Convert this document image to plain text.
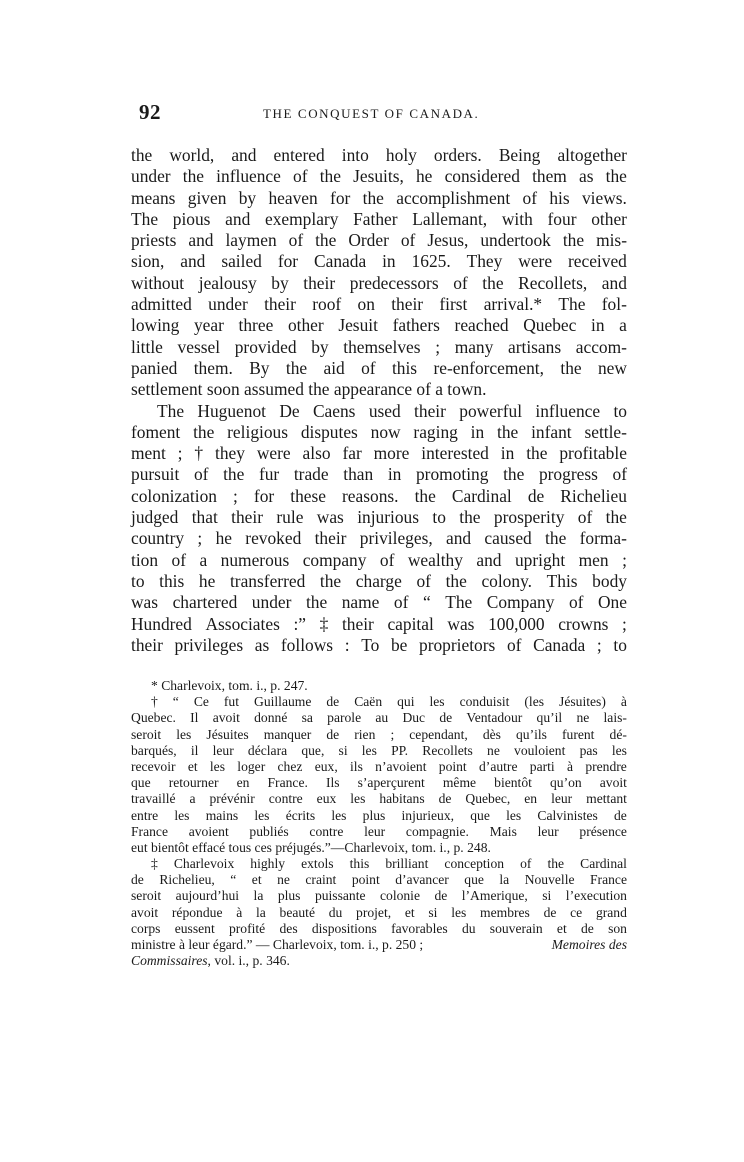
92	THE CONQUEST OF CANADA.
the world, and entered into holy orders. Being altogether
under the influence of the Jesuits, he considered them as the
means given by heaven for the accomplishment of his views.
The pious and exemplary Father Lallemant, with four other
priests and laymen of the Order of Jesus, undertook the mis-
sion, and sailed for Canada in 1625. They were received
without jealousy by their predecessors of the Recollets, and
admitted under their roof on their first arrival.* The fol-
lowing year three other Jesuit fathers reached Quebec in a
little vessel provided by themselves ; many artisans accom-
panied them. By the aid of this re-enforcement, the new
settlement soon assumed the appearance of a town.
The Huguenot De Caens used their powerful influence to
foment the religious disputes now raging in the infant settle-
ment ; † they were also far more interested in the profitable
pursuit of the fur trade than in promoting the progress of
colonization ; for these reasons. the Cardinal de Richelieu
judged that their rule was injurious to the prosperity of the
country ; he revoked their privileges, and caused the forma-
tion of a numerous company of wealthy and upright men ;
to this he transferred the charge of the colony. This body
was chartered under the name of “ The Company of One
Hundred Associates :” ‡ their capital was 100,000 crowns ;
their privileges as follows : To be proprietors of Canada ; to
* Charlevoix, tom. i., p. 247.
† “ Ce fut Guillaume de Caën qui les conduisit (les Jésuites) à
Quebec. Il avoit donné sa parole au Duc de Ventadour qu’il ne lais-
seroit les Jésuites manquer de rien ; cependant, dès qu’ils furent dé-
barqués, il leur déclara que, si les PP. Recollets ne vouloient pas les
recevoir et les loger chez eux, ils n’avoient point d’autre parti à prendre
que retourner en France. Ils s’aperçurent même bientôt qu’on avoit
travaillé a prévénir contre eux les habitans de Quebec, en leur mettant
entre les mains les écrits les plus injurieux, que les Calvinistes de
France avoient publiés contre leur compagnie. Mais leur présence
eut bientôt effacé tous ces préjugés.”—Charlevoix, tom. i., p. 248.
‡ Charlevoix highly extols this brilliant conception of the Cardinal
de Richelieu, “ et ne craint point d’avancer que la Nouvelle France
seroit aujourd’hui la plus puissante colonie de l’Amerique, si l’execution
avoit répondue à la beauté du projet, et si les membres de ce grand
corps eussent profité des dispositions favorables du souverain et de son
ministre à leur égard.” — Charlevoix, tom. i., p. 250 ;	Memoires des
Commissaires , vol. i., p. 346.
